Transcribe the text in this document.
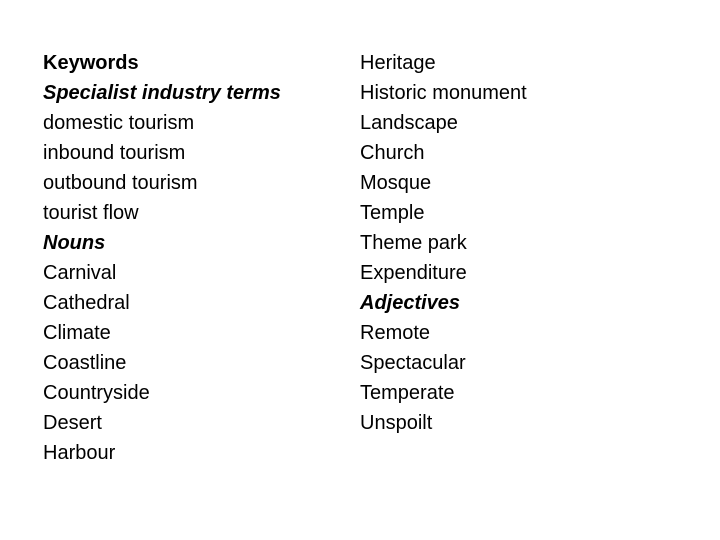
Keywords
Specialist industry terms
domestic tourism
inbound tourism
outbound tourism
tourist flow
Nouns
Carnival
Cathedral
Climate
Coastline
Countryside
Desert
Harbour
Heritage
Historic monument
Landscape
Church
Mosque
Temple
Theme park
Expenditure
Adjectives
Remote
Spectacular
Temperate
Unspoilt
